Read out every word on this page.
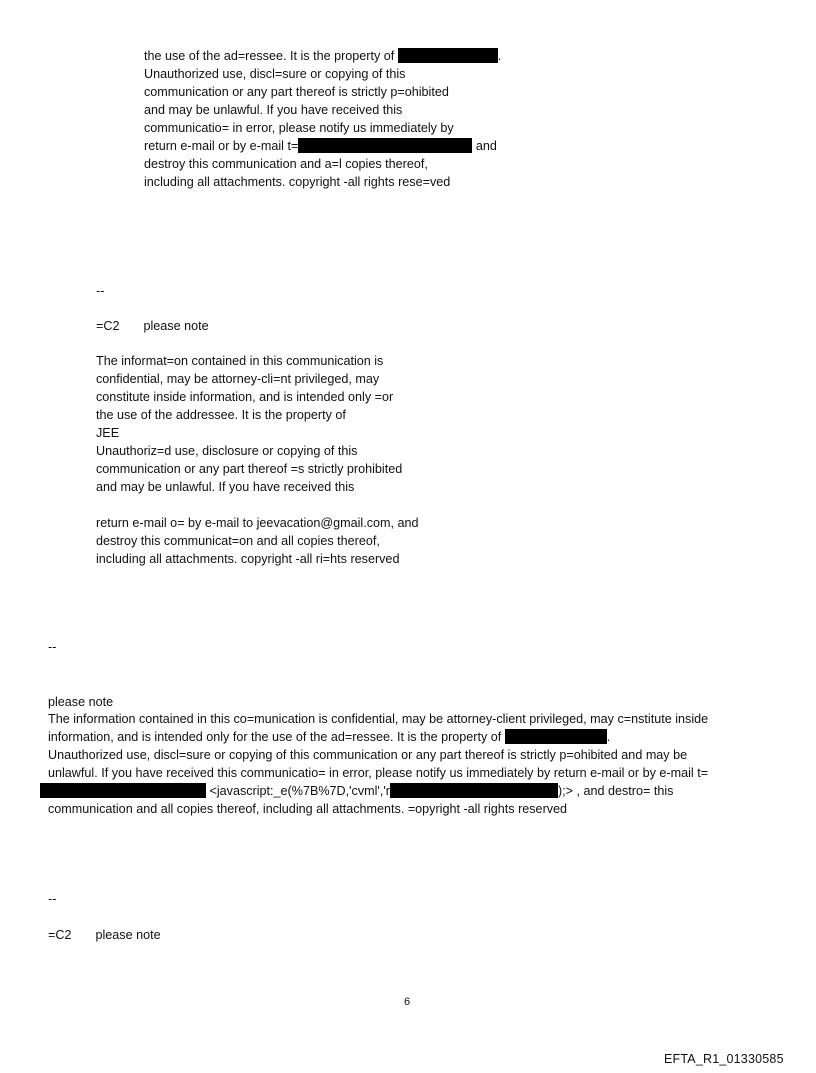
the use of the ad=ressee. It is the property of	.
Unauthorized use, discl=sure or copying of this
communication or any part thereof is strictly p=ohibited
and may be unlawful. If you have received this
communicatio= in error, please notify us immediately by
return e-mail or by e-mail t=	and
destroy this communication and a=l copies thereof,
including all attachments. copyright -all rights rese=ved
--
=C2 please note
The informat=on contained in this communication is
confidential, may be attorney-cli=nt privileged, may
constitute inside information, and is intended only =or
the use of the addressee. It is the property of
JEE
Unauthoriz=d use, disclosure or copying of this
communication or any part thereof =s strictly prohibited
and may be unlawful. If you have received this
return e-mail o= by e-mail to jeevacation@gmail.com, and
destroy this communicat=on and all copies thereof,
including all attachments. copyright -all ri=hts reserved
--
please note
The information contained in this co=munication is confidential, may be attorney-client privileged, may c=nstitute inside
information, and is intended only for the use of the ad=ressee. It is the property of	.
Unauthorized use, discl=sure or copying of this communication or any part thereof is strictly p=ohibited and may be
unlawful. If you have received this communicatio= in error, please notify us immediately by return e-mail or by e-mail t=
<javascript:_e(%7B%7D,'cvml','r	);> , and destro= this
communication and all copies thereof, including all attachments. =opyright -all rights reserved
--
=C2 please note
6
EFTA_R1_01330585
